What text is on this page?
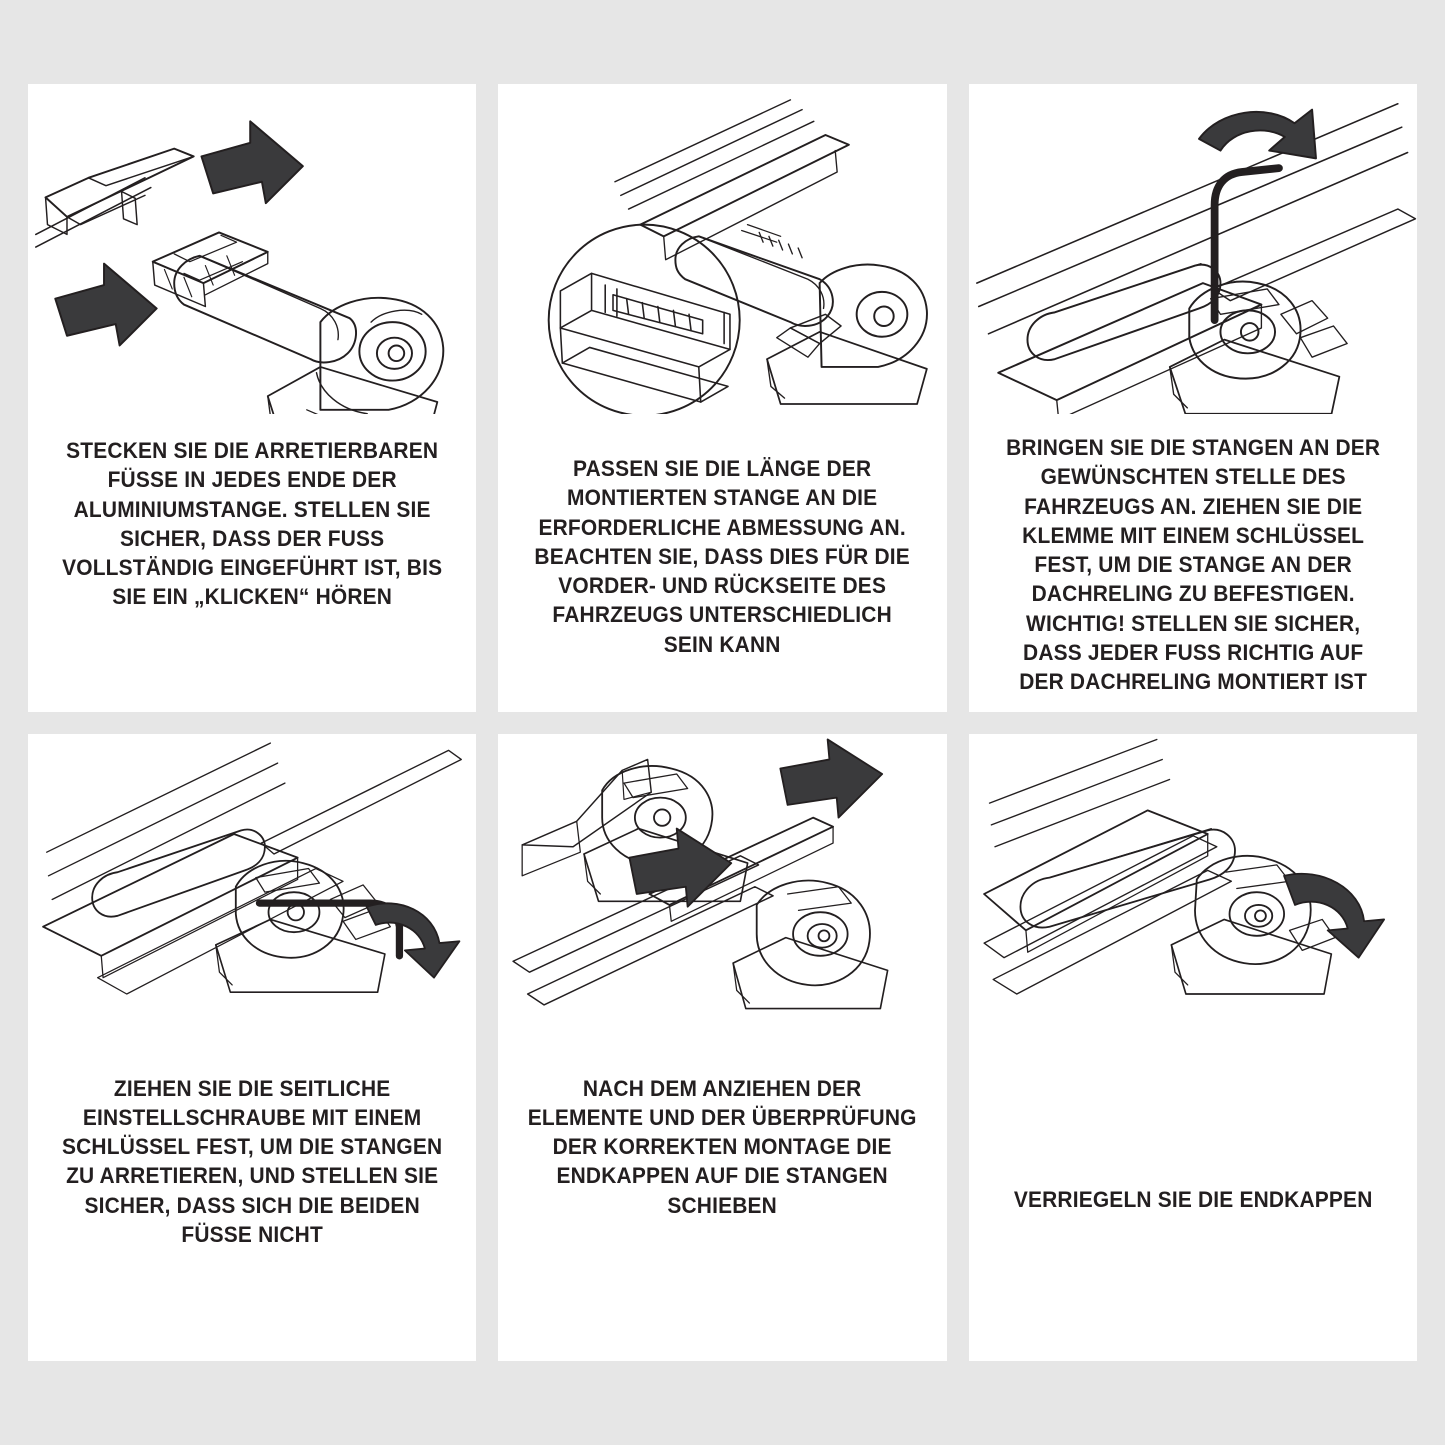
STECKEN SIE DIE ARRETIERBAREN FÜSSE IN JEDES ENDE DER ALUMINIUMSTANGE. STELLEN SIE SICHER, DASS DER FUSS VOLLSTÄNDIG EINGEFÜHRT IST, BIS SIE EIN „KLICKEN“ HÖREN
PASSEN SIE DIE LÄNGE DER MONTIERTEN STANGE AN DIE ERFORDERLICHE ABMESSUNG AN. BEACHTEN SIE, DASS DIES FÜR DIE VORDER- UND RÜCKSEITE DES FAHRZEUGS UNTERSCHIEDLICH SEIN KANN
BRINGEN SIE DIE STANGEN AN DER GEWÜNSCHTEN STELLE DES FAHRZEUGS AN. ZIEHEN SIE DIE KLEMME MIT EINEM SCHLÜSSEL FEST, UM DIE STANGE AN DER DACHRELING ZU BEFESTIGEN. WICHTIG! STELLEN SIE SICHER, DASS JEDER FUSS RICHTIG AUF DER DACHRELING MONTIERT IST
ZIEHEN SIE DIE SEITLICHE EINSTELLSCHRAUBE MIT EINEM SCHLÜSSEL FEST, UM DIE STANGEN ZU ARRETIEREN, UND STELLEN SIE SICHER, DASS SICH DIE BEIDEN FÜSSE NICHT
NACH DEM ANZIEHEN DER ELEMENTE UND DER ÜBERPRÜFUNG DER KORREKTEN MONTAGE DIE ENDKAPPEN AUF DIE STANGEN SCHIEBEN	VERRIEGELN SIE DIE ENDKAPPEN
